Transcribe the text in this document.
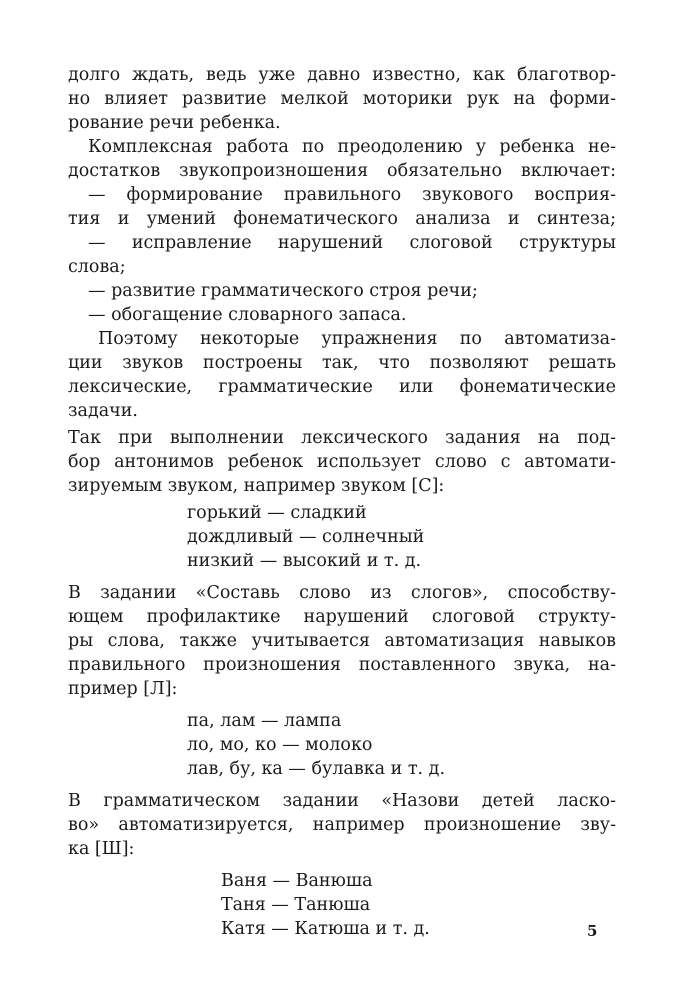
долго ждать, ведь уже давно известно, как благотвор-
но влияет развитие мелкой моторики рук на форми-
рование речи ребенка.
Комплексная работа по преодолению у ребенка не-
достатков звукопроизношения обязательно включает:
— формирование правильного звукового восприя-
тия и умений фонематического анализа и синтеза;
— исправление нарушений слоговой структуры
слова;
— развитие грамматического строя речи;
— обогащение словарного запаса.
Поэтому некоторые упражнения по автоматиза-
ции звуков построены так, что позволяют решать
лексические, грамматические или фонематические
задачи.
Так при выполнении лексического задания на под-
бор антонимов ребенок использует слово с автомати-
зируемым звуком, например звуком [С]:
горький — сладкий
дождливый — солнечный
низкий — высокий и т. д.
В задании «Составь слово из слогов», способству-
ющем профилактике нарушений слоговой структу-
ры слова, также учитывается автоматизация навыков
правильного произношения поставленного звука, на-
пример [Л]:
па, лам — лампа
ло, мо, ко — молоко
лав, бу, ка — булавка и т. д.
В грамматическом задании «Назови детей ласко-
во» автоматизируется, например произношение зву-
ка [Ш]:
Ваня — Ванюша
Таня — Танюша
Катя — Катюша и т. д.	5
